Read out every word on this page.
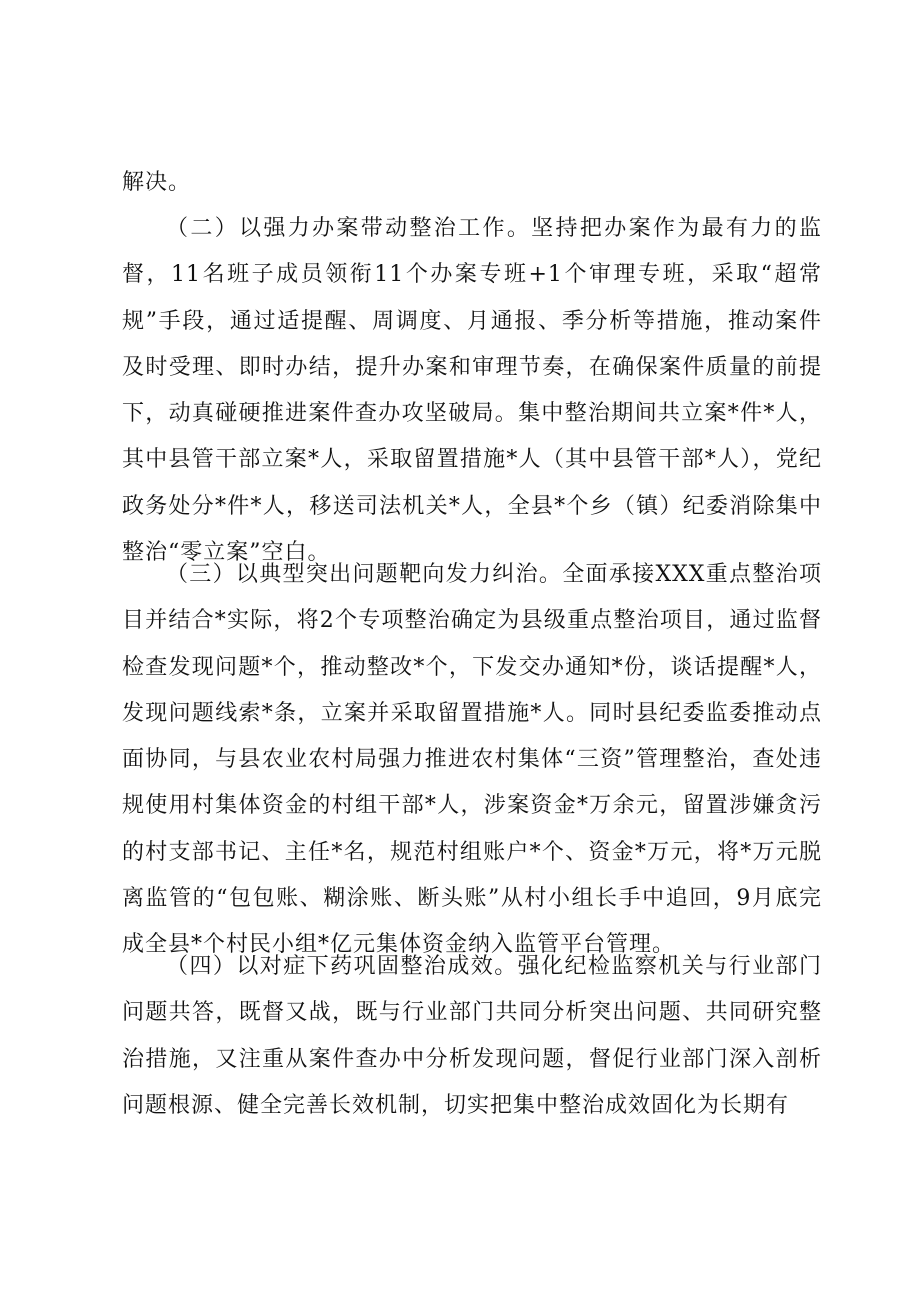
解决。

（二）以强力办案带动整治工作。坚持把办案作为最有力的监督，11名班子成员领衔11个办案专班+1个审理专班，采取“超常规”手段，通过适提醒、周调度、月通报、季分析等措施，推动案件及时受理、即时办结，提升办案和审理节奏，在确保案件质量的前提下，动真碰硬推进案件查办攻坚破局。集中整治期间共立案*件*人，其中县管干部立案*人，采取留置措施*人（其中县管干部*人），党纪政务处分*件*人，移送司法机关*人，全县*个乡（镇）纪委消除集中整治“零立案”空白。

（三）以典型突出问题靶向发力纠治。全面承接XXX重点整治项目并结合*实际，将2个专项整治确定为县级重点整治项目，通过监督检查发现问题*个，推动整改*个，下发交办通知*份，谈话提醒*人，发现问题线索*条，立案并采取留置措施*人。同时县纪委监委推动点面协同，与县农业农村局强力推进农村集体“三资”管理整治，查处违规使用村集体资金的村组干部*人，涉案资金*万余元，留置涉嫌贪污的村支部书记、主任*名，规范村组账户*个、资金*万元，将*万元脱离监管的“包包账、糊涂账、断头账”从村小组长手中追回，9月底完成全县*个村民小组*亿元集体资金纳入监管平台管理。

（四）以对症下药巩固整治成效。强化纪检监察机关与行业部门问题共答，既督又战，既与行业部门共同分析突出问题、共同研究整治措施，又注重从案件查办中分析发现问题，督促行业部门深入剖析问题根源、健全完善长效机制，切实把集中整治成效固化为长期有
